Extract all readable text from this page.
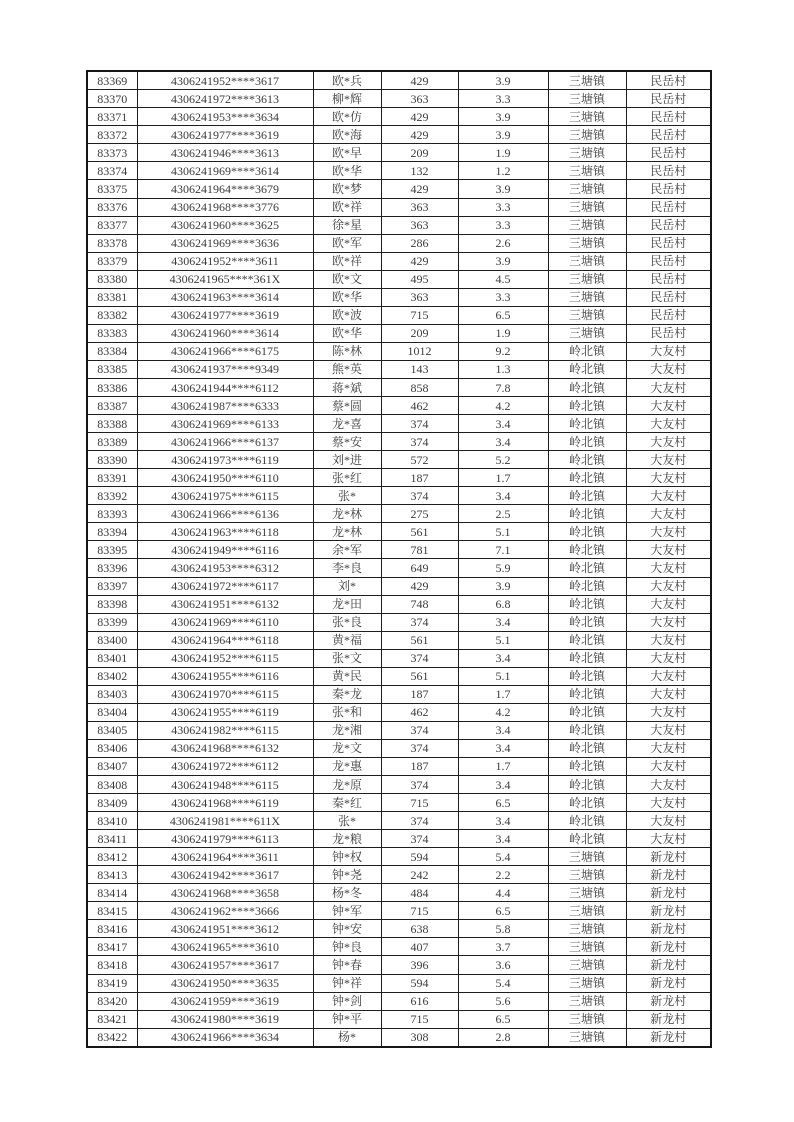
83369	4306241952****3617	欧*兵	429	3.9	三塘镇	民岳村
83370	4306241972****3613	柳*辉	363	3.3	三塘镇	民岳村
83371	4306241953****3634	欧*仿	429	3.9	三塘镇	民岳村
83372	4306241977****3619	欧*海	429	3.9	三塘镇	民岳村
83373	4306241946****3613	欧*早	209	1.9	三塘镇	民岳村
83374	4306241969****3614	欧*华	132	1.2	三塘镇	民岳村
83375	4306241964****3679	欧*梦	429	3.9	三塘镇	民岳村
83376	4306241968****3776	欧*祥	363	3.3	三塘镇	民岳村
83377	4306241960****3625	徐*星	363	3.3	三塘镇	民岳村
83378	4306241969****3636	欧*军	286	2.6	三塘镇	民岳村
83379	4306241952****3611	欧*祥	429	3.9	三塘镇	民岳村
83380	4306241965****361X	欧*文	495	4.5	三塘镇	民岳村
83381	4306241963****3614	欧*华	363	3.3	三塘镇	民岳村
83382	4306241977****3619	欧*波	715	6.5	三塘镇	民岳村
83383	4306241960****3614	欧*华	209	1.9	三塘镇	民岳村
83384	4306241966****6175	陈*林	1012	9.2	岭北镇	大友村
83385	4306241937****9349	熊*英	143	1.3	岭北镇	大友村
83386	4306241944****6112	蒋*斌	858	7.8	岭北镇	大友村
83387	4306241987****6333	蔡*圆	462	4.2	岭北镇	大友村
83388	4306241969****6133	龙*喜	374	3.4	岭北镇	大友村
83389	4306241966****6137	蔡*安	374	3.4	岭北镇	大友村
83390	4306241973****6119	刘*进	572	5.2	岭北镇	大友村
83391	4306241950****6110	张*红	187	1.7	岭北镇	大友村
83392	4306241975****6115	张*	374	3.4	岭北镇	大友村
83393	4306241966****6136	龙*林	275	2.5	岭北镇	大友村
83394	4306241963****6118	龙*林	561	5.1	岭北镇	大友村
83395	4306241949****6116	余*军	781	7.1	岭北镇	大友村
83396	4306241953****6312	李*良	649	5.9	岭北镇	大友村
83397	4306241972****6117	刘*	429	3.9	岭北镇	大友村
83398	4306241951****6132	龙*田	748	6.8	岭北镇	大友村
83399	4306241969****6110	张*良	374	3.4	岭北镇	大友村
83400	4306241964****6118	黄*福	561	5.1	岭北镇	大友村
83401	4306241952****6115	张*文	374	3.4	岭北镇	大友村
83402	4306241955****6116	黄*民	561	5.1	岭北镇	大友村
83403	4306241970****6115	秦*龙	187	1.7	岭北镇	大友村
83404	4306241955****6119	张*和	462	4.2	岭北镇	大友村
83405	4306241982****6115	龙*湘	374	3.4	岭北镇	大友村
83406	4306241968****6132	龙*文	374	3.4	岭北镇	大友村
83407	4306241972****6112	龙*惠	187	1.7	岭北镇	大友村
83408	4306241948****6115	龙*原	374	3.4	岭北镇	大友村
83409	4306241968****6119	秦*红	715	6.5	岭北镇	大友村
83410	4306241981****611X	张*	374	3.4	岭北镇	大友村
83411	4306241979****6113	龙*粮	374	3.4	岭北镇	大友村
83412	4306241964****3611	钟*权	594	5.4	三塘镇	新龙村
83413	4306241942****3617	钟*尧	242	2.2	三塘镇	新龙村
83414	4306241968****3658	杨*冬	484	4.4	三塘镇	新龙村
83415	4306241962****3666	钟*军	715	6.5	三塘镇	新龙村
83416	4306241951****3612	钟*安	638	5.8	三塘镇	新龙村
83417	4306241965****3610	钟*良	407	3.7	三塘镇	新龙村
83418	4306241957****3617	钟*春	396	3.6	三塘镇	新龙村
83419	4306241950****3635	钟*祥	594	5.4	三塘镇	新龙村
83420	4306241959****3619	钟*剑	616	5.6	三塘镇	新龙村
83421	4306241980****3619	钟*平	715	6.5	三塘镇	新龙村
83422	4306241966****3634	杨*	308	2.8	三塘镇	新龙村
